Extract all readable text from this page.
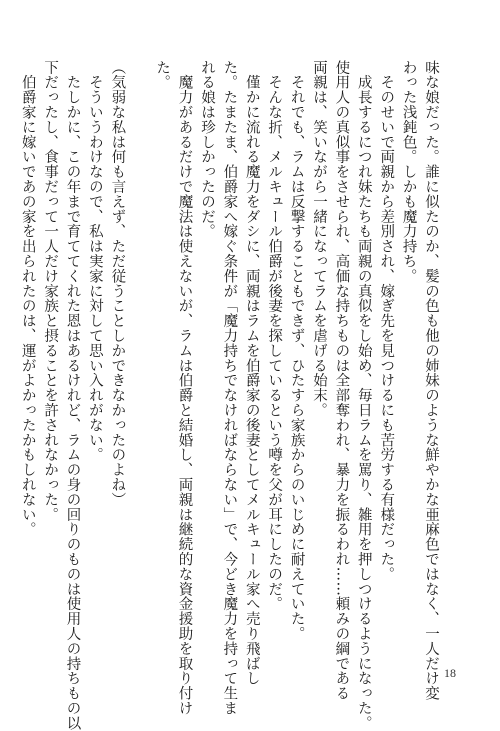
味な娘だった。誰に似たのか、髪の色も他の姉妹のような鮮やかな亜麻色ではなく、一人だけ変
わった浅鈍色。しかも魔力持ち。
　そのせいで両親から差別され、嫁ぎ先を見つけるにも苦労する有様だった。
　成長するにつれ妹たちも両親の真似をし始め、毎日ラムを罵り、雑用を押しつけるようになった。
使用人の真似事をさせられ、高価な持ちものは全部奪われ、暴力を振るわれ……頼みの綱である
両親は、笑いながら一緒になってラムを虐げる始末。
　それでも、ラムは反撃することもできず、ひたすら家族からのいじめに耐えていた。
　そんな折、メルキュール伯爵が後妻を探しているという噂を父が耳にしたのだ。
　僅かに流れる魔力をダシに、両親はラムを伯爵家の後妻としてメルキュール家へ売り飛ばし
た。たまたま、伯爵家へ嫁ぐ条件が「魔力持ちでなければならない」で、今どき魔力を持って生ま
れる娘は珍しかったのだ。
　魔力があるだけで魔法は使えないが、ラムは伯爵と結婚し、両親は継続的な資金援助を取り付け
た。
（気弱な私は何も言えず、ただ従うことしかできなかったのよね）
　そういうわけなので、私は実家に対して思い入れがない。
　たしかに、この年まで育ててくれた恩はあるけれど、ラムの身の回りのものは使用人の持ちもの以
下だったし、食事だって一人だけ家族と摂ることを許されなかった。
　伯爵家に嫁いであの家を出られたのは、運がよかったかもしれない。
18
